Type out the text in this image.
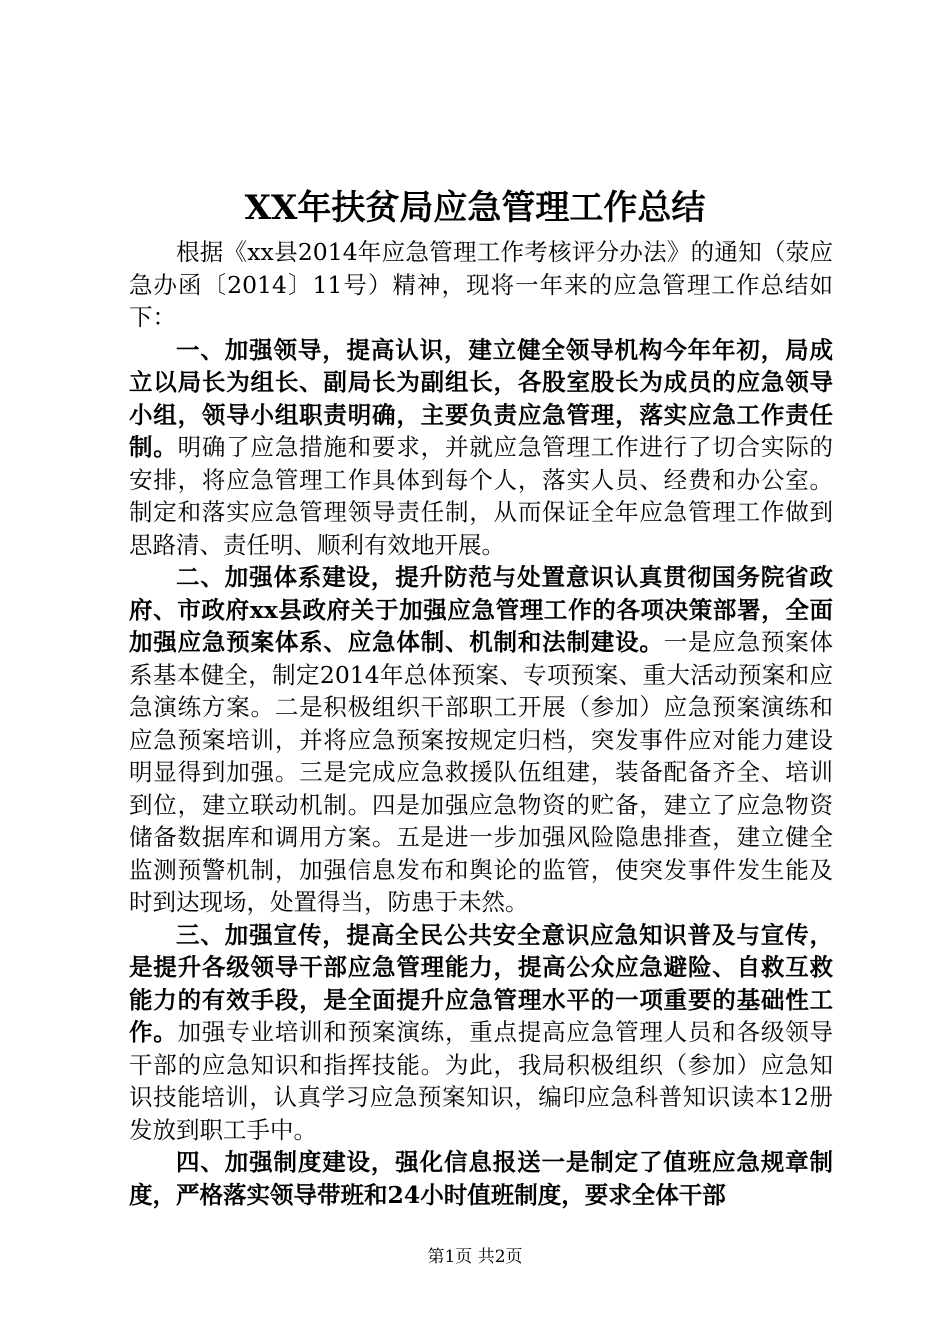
XX年扶贫局应急管理工作总结

根据《xx县2014年应急管理工作考核评分办法》的通知（荥应急办函〔2014〕11号）精神，现将一年来的应急管理工作总结如下：

一、加强领导，提高认识，建立健全领导机构今年年初，局成立以局长为组长、副局长为副组长，各股室股长为成员的应急领导小组，领导小组职责明确，主要负责应急管理，落实应急工作责任制。明确了应急措施和要求，并就应急管理工作进行了切合实际的安排，将应急管理工作具体到每个人，落实人员、经费和办公室。制定和落实应急管理领导责任制，从而保证全年应急管理工作做到思路清、责任明、顺利有效地开展。

二、加强体系建设，提升防范与处置意识认真贯彻国务院省政府、市政府xx县政府关于加强应急管理工作的各项决策部署，全面加强应急预案体系、应急体制、机制和法制建设。一是应急预案体系基本健全，制定2014年总体预案、专项预案、重大活动预案和应急演练方案。二是积极组织干部职工开展（参加）应急预案演练和应急预案培训，并将应急预案按规定归档，突发事件应对能力建设明显得到加强。三是完成应急救援队伍组建，装备配备齐全、培训到位，建立联动机制。四是加强应急物资的贮备，建立了应急物资储备数据库和调用方案。五是进一步加强风险隐患排查，建立健全监测预警机制，加强信息发布和舆论的监管，使突发事件发生能及时到达现场，处置得当，防患于未然。

三、加强宣传，提高全民公共安全意识应急知识普及与宣传，是提升各级领导干部应急管理能力，提高公众应急避险、自救互救能力的有效手段，是全面提升应急管理水平的一项重要的基础性工作。加强专业培训和预案演练，重点提高应急管理人员和各级领导干部的应急知识和指挥技能。为此，我局积极组织（参加）应急知识技能培训，认真学习应急预案知识，编印应急科普知识读本12册发放到职工手中。

四、加强制度建设，强化信息报送一是制定了值班应急规章制度，严格落实领导带班和24小时值班制度，要求全体干部

第1页 共2页
